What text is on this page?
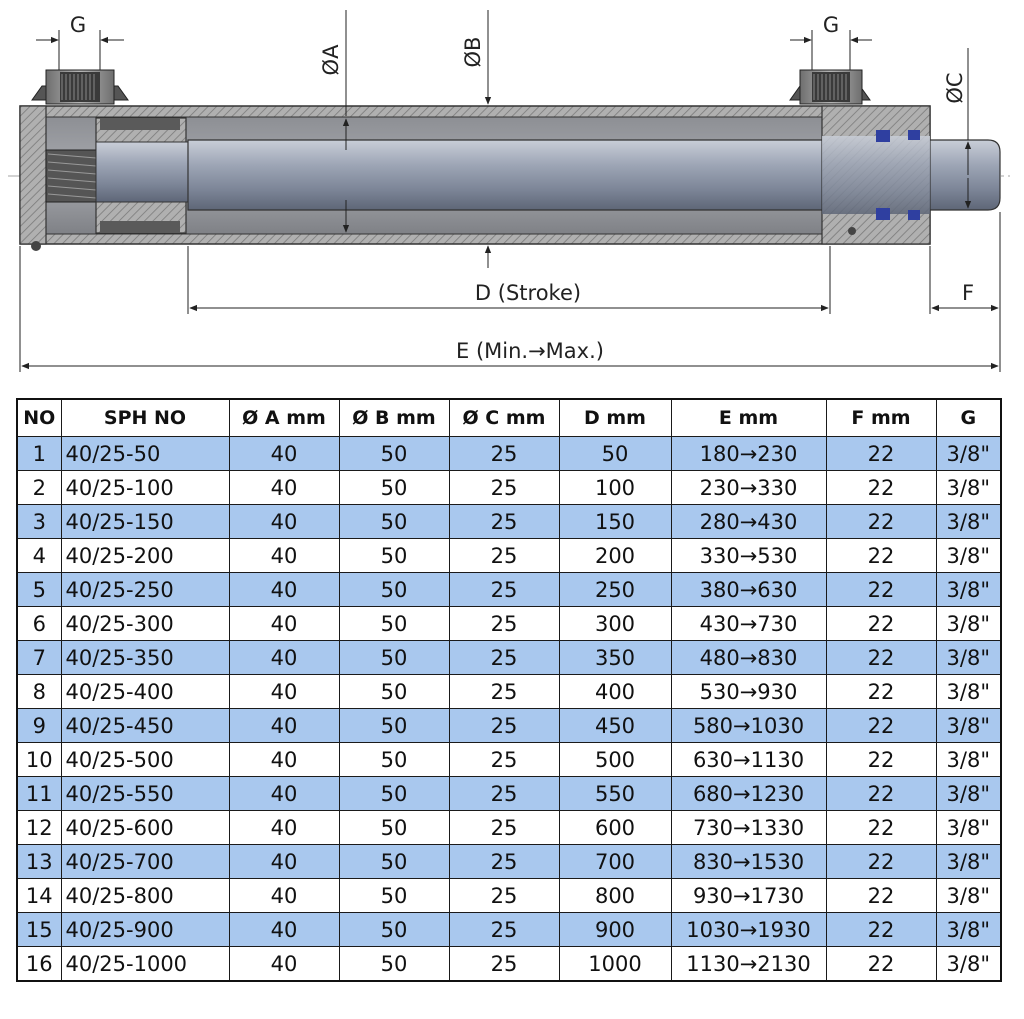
G	G
ØA	ØB
ØC
D (Stroke)	F
E (Min.→Max.)
NO	SPH NO	Ø A mm	Ø B mm	Ø C mm	D mm	E mm	F mm	G
1	40/25-50	40	50	25	50	180→230	22	3/8"
2	40/25-100	40	50	25	100	230→330	22	3/8"
3	40/25-150	40	50	25	150	280→430	22	3/8"
4	40/25-200	40	50	25	200	330→530	22	3/8"
5	40/25-250	40	50	25	250	380→630	22	3/8"
6	40/25-300	40	50	25	300	430→730	22	3/8"
7	40/25-350	40	50	25	350	480→830	22	3/8"
8	40/25-400	40	50	25	400	530→930	22	3/8"
9	40/25-450	40	50	25	450	580→1030	22	3/8"
10	40/25-500	40	50	25	500	630→1130	22	3/8"
11	40/25-550	40	50	25	550	680→1230	22	3/8"
12	40/25-600	40	50	25	600	730→1330	22	3/8"
13	40/25-700	40	50	25	700	830→1530	22	3/8"
14	40/25-800	40	50	25	800	930→1730	22	3/8"
15	40/25-900	40	50	25	900	1030→1930	22	3/8"
16	40/25-1000	40	50	25	1000	1130→2130	22	3/8"
